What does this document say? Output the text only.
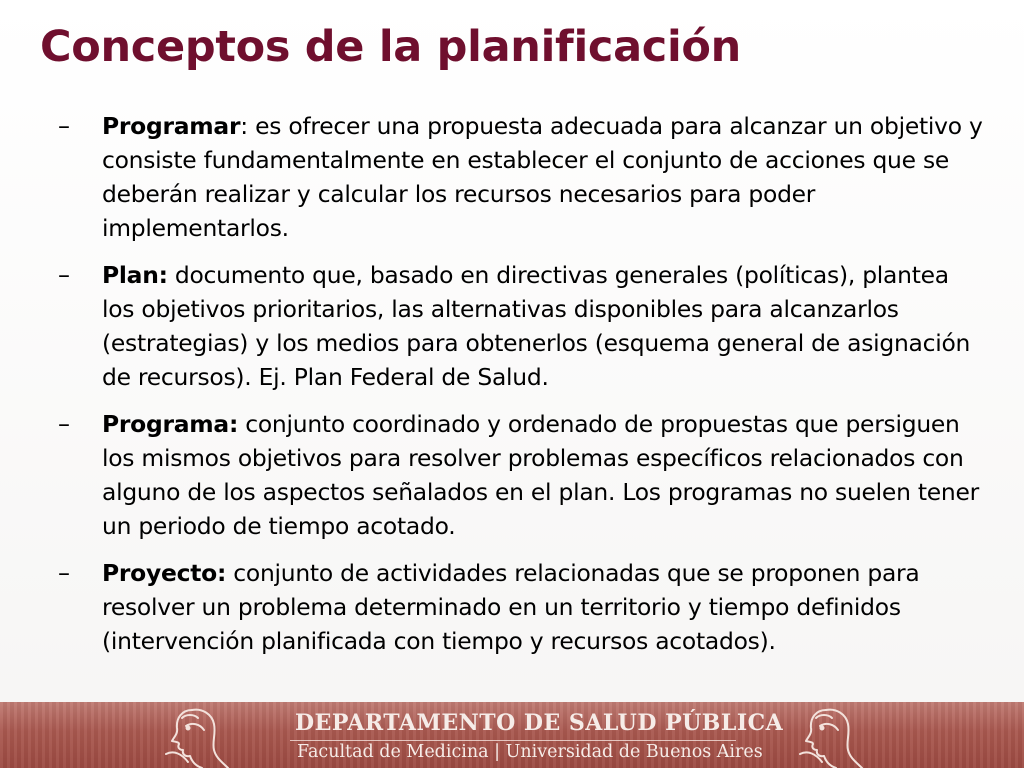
Conceptos de la planificación
–	Programar: es ofrecer una propuesta adecuada para alcanzar un objetivo y consiste fundamentalmente en establecer el conjunto de acciones que se deberán realizar y calcular los recursos necesarios para poder implementarlos.

–	Plan: documento que, basado en directivas generales (políticas), plantea los objetivos prioritarios, las alternativas disponibles para alcanzarlos (estrategias) y los medios para obtenerlos (esquema general de asignación de recursos). Ej. Plan Federal de Salud.

–	Programa: conjunto coordinado y ordenado de propuestas que persiguen los mismos objetivos para resolver problemas específicos relacionados con alguno de los aspectos señalados en el plan. Los programas no suelen tener un periodo de tiempo acotado.

–	Proyecto: conjunto de actividades relacionadas que se proponen para resolver un problema determinado en un territorio y tiempo definidos (intervención planificada con tiempo y recursos acotados).

DEPARTAMENTO DE SALUD PÚBLICA
Facultad de Medicina | Universidad de Buenos Aires
